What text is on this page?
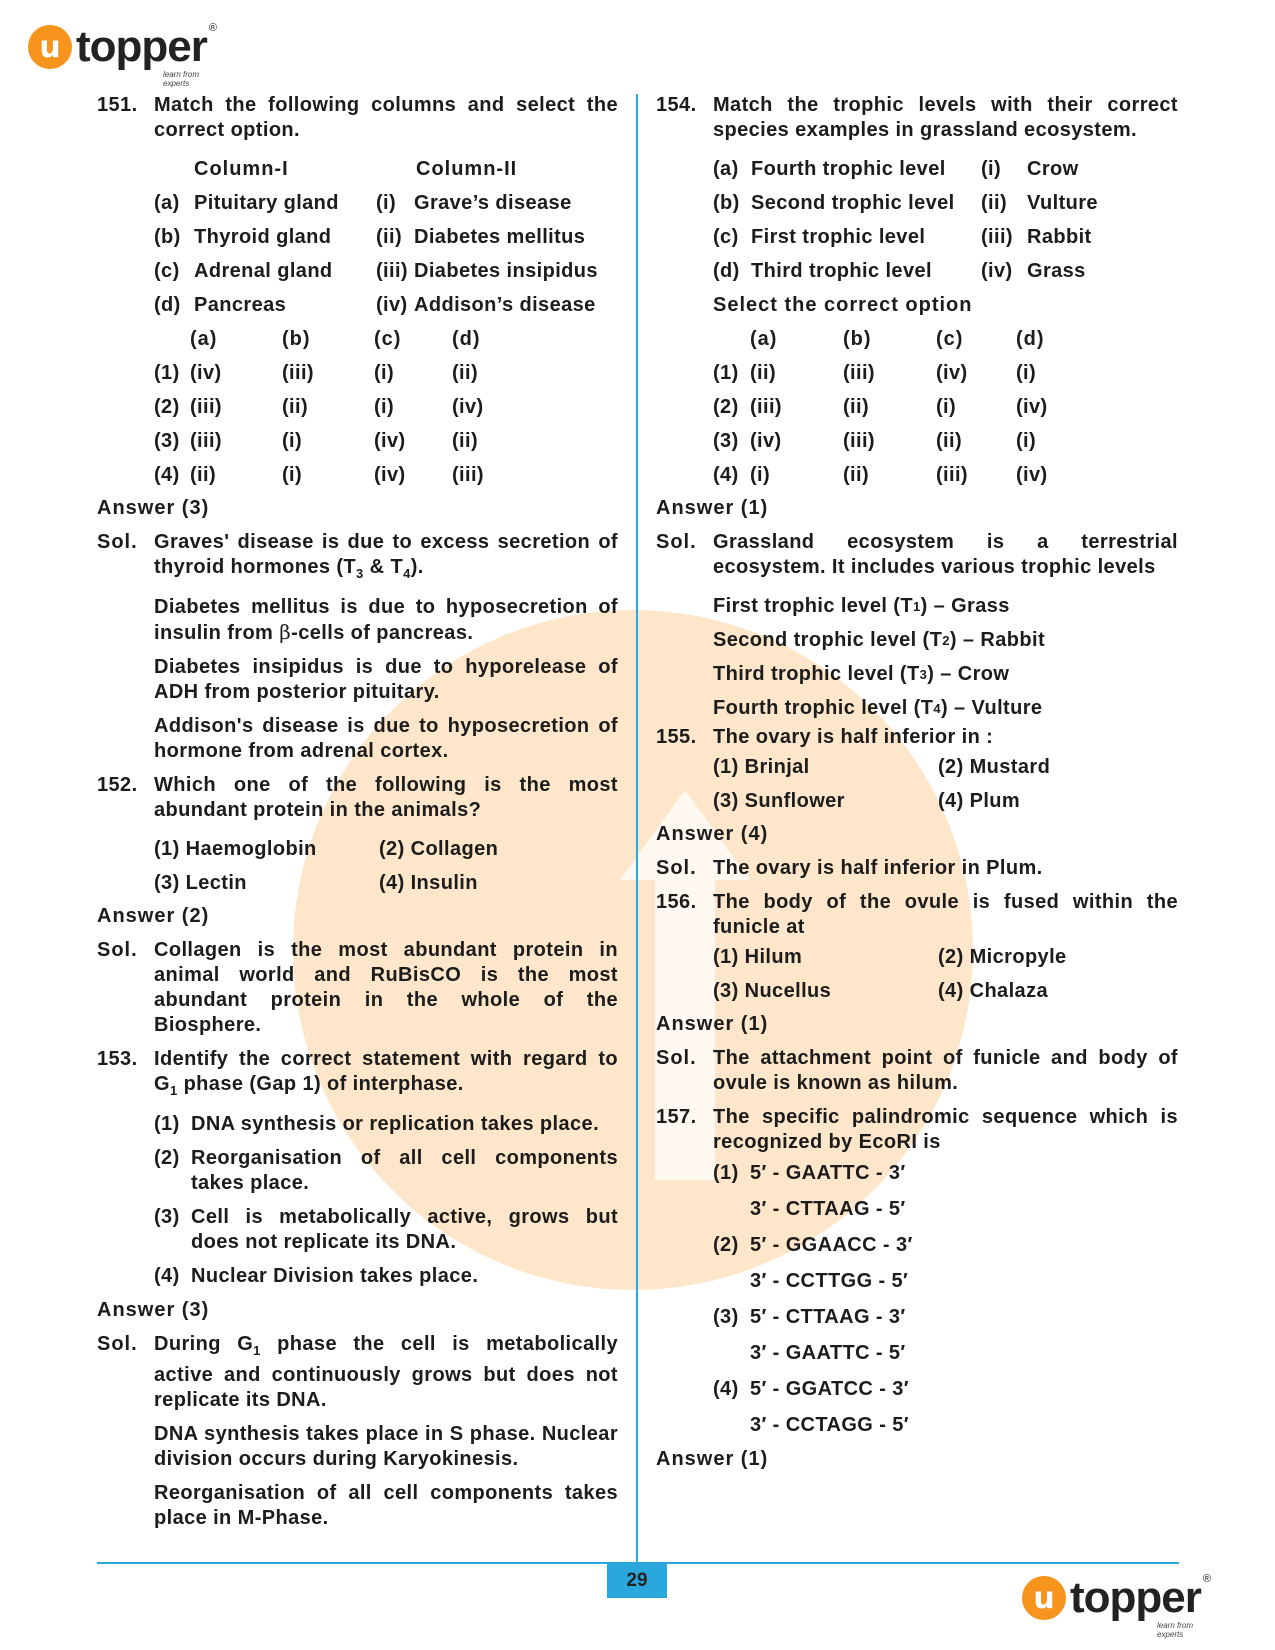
u topper ®
learn from experts
151. Match the following columns and select the correct option.
Column-I	Column-II
(a) Pituitary gland	(i) Grave’s disease
(b) Thyroid gland	(ii) Diabetes mellitus
(c) Adrenal gland	(iii) Diabetes insipidus
(d) Pancreas	(iv) Addison’s disease
(a)	(b)	(c)	(d)
(1) (iv)	(iii)	(i)	(ii)
(2) (iii)	(ii)	(i)	(iv)
(3) (iii)	(i)	(iv)	(ii)
(4) (ii)	(i)	(iv)	(iii)
Answer (3)
Sol. Graves' disease is due to excess secretion of thyroid hormones ($T_3$ & $T_4$).
Diabetes mellitus is due to hyposecretion of insulin from β-cells of pancreas.
Diabetes insipidus is due to hyporelease of ADH from posterior pituitary.
Addison's disease is due to hyposecretion of hormone from adrenal cortex.
152. Which one of the following is the most abundant protein in the animals?
(1) Haemoglobin	(2) Collagen
(3) Lectin	(4) Insulin
Answer (2)
Sol. Collagen is the most abundant protein in animal world and RuBisCO is the most abundant protein in the whole of the Biosphere.
153. Identify the correct statement with regard to $G_1$ phase (Gap 1) of interphase.
(1) DNA synthesis or replication takes place.
(2) Reorganisation of all cell components takes place.
(3) Cell is metabolically active, grows but does not replicate its DNA.
(4) Nuclear Division takes place.
Answer (3)
Sol. During $G_1$ phase the cell is metabolically active and continuously grows but does not replicate its DNA.
DNA synthesis takes place in S phase. Nuclear division occurs during Karyokinesis.
Reorganisation of all cell components takes place in M-Phase.
154. Match the trophic levels with their correct species examples in grassland ecosystem.
(a) Fourth trophic level	(i)	Crow
(b) Second trophic level	(ii) Vulture
(c) First trophic level	(iii) Rabbit
(d) Third trophic level	(iv) Grass
Select the correct option
(a)	(b)	(c)	(d)
(1) (ii)	(iii)	(iv)	(i)
(2) (iii)	(ii)	(i)	(iv)
(3) (iv)	(iii)	(ii)	(i)
(4) (i)	(ii)	(iii)	(iv)
Answer (1)
Sol. Grassland ecosystem is a terrestrial ecosystem. It includes various trophic levels
First trophic level (T 1 ) – Grass
Second trophic level (T 2 ) – Rabbit
Third trophic level (T 3 ) – Crow
Fourth trophic level (T 4 ) – Vulture
155. The ovary is half inferior in :
(1) Brinjal	(2) Mustard
(3) Sunflower	(4) Plum
Answer (4)
Sol. The ovary is half inferior in Plum.
156. The body of the ovule is fused within the funicle at
(1) Hilum	(2) Micropyle
(3) Nucellus	(4) Chalaza
Answer (1)
Sol. The attachment point of funicle and body of ovule is known as hilum.
157. The specific palindromic sequence which is recognized by EcoRI is
(1) 5′ - GAATTC - 3′
3′ - CTTAAG - 5′
(2) 5′ - GGAACC - 3′
3′ - CCTTGG - 5′
(3) 5′ - CTTAAG - 3′
3′ - GAATTC - 5′
(4) 5′ - GGATCC - 3′
3′ - CCTAGG - 5′
Answer (1)
29
u topper ®
learn from experts
